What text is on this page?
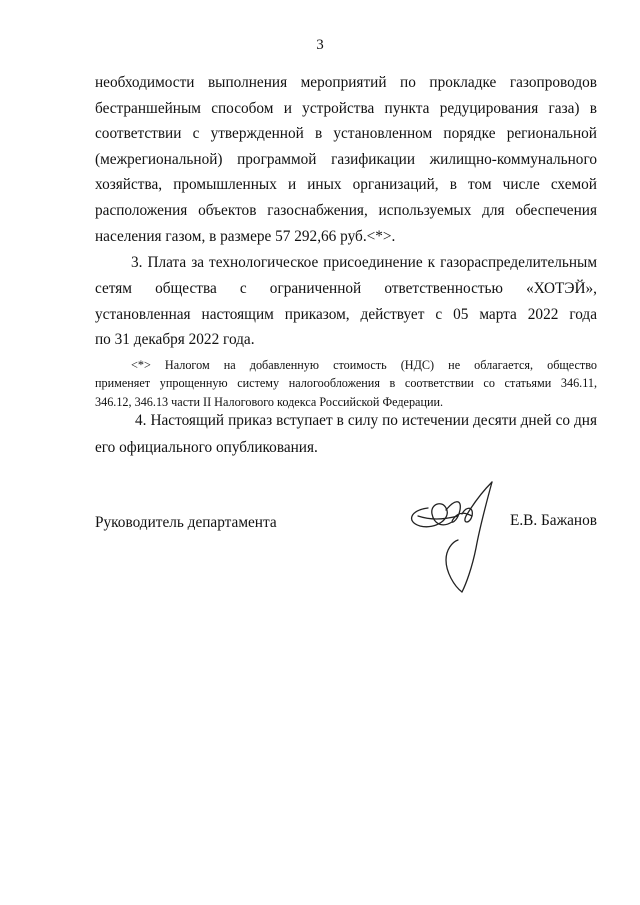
3
необходимости выполнения мероприятий по прокладке газопроводов
бестраншейным способом и устройства пункта редуцирования газа) в
соответствии с утвержденной в установленном порядке региональной
(межрегиональной) программой газификации жилищно-коммунального
хозяйства, промышленных и иных организаций, в том числе схемой
расположения объектов газоснабжения, используемых для обеспечения
населения газом, в размере 57 292,66 руб.<*>.
3. Плата за технологическое присоединение к газораспределительным
сетям общества с ограниченной ответственностью «ХОТЭЙ»,
установленная настоящим приказом, действует с 05 марта 2022 года
по 31 декабря 2022 года.
<*> Налогом на добавленную стоимость (НДС) не облагается, общество
применяет упрощенную систему налогообложения в соответствии со статьями 346.11,
346.12, 346.13 части II Налогового кодекса Российской Федерации.
4. Настоящий приказ вступает в силу по истечении десяти дней со дня
его официального опубликования.
Руководитель департамента	Е.В. Бажанов
